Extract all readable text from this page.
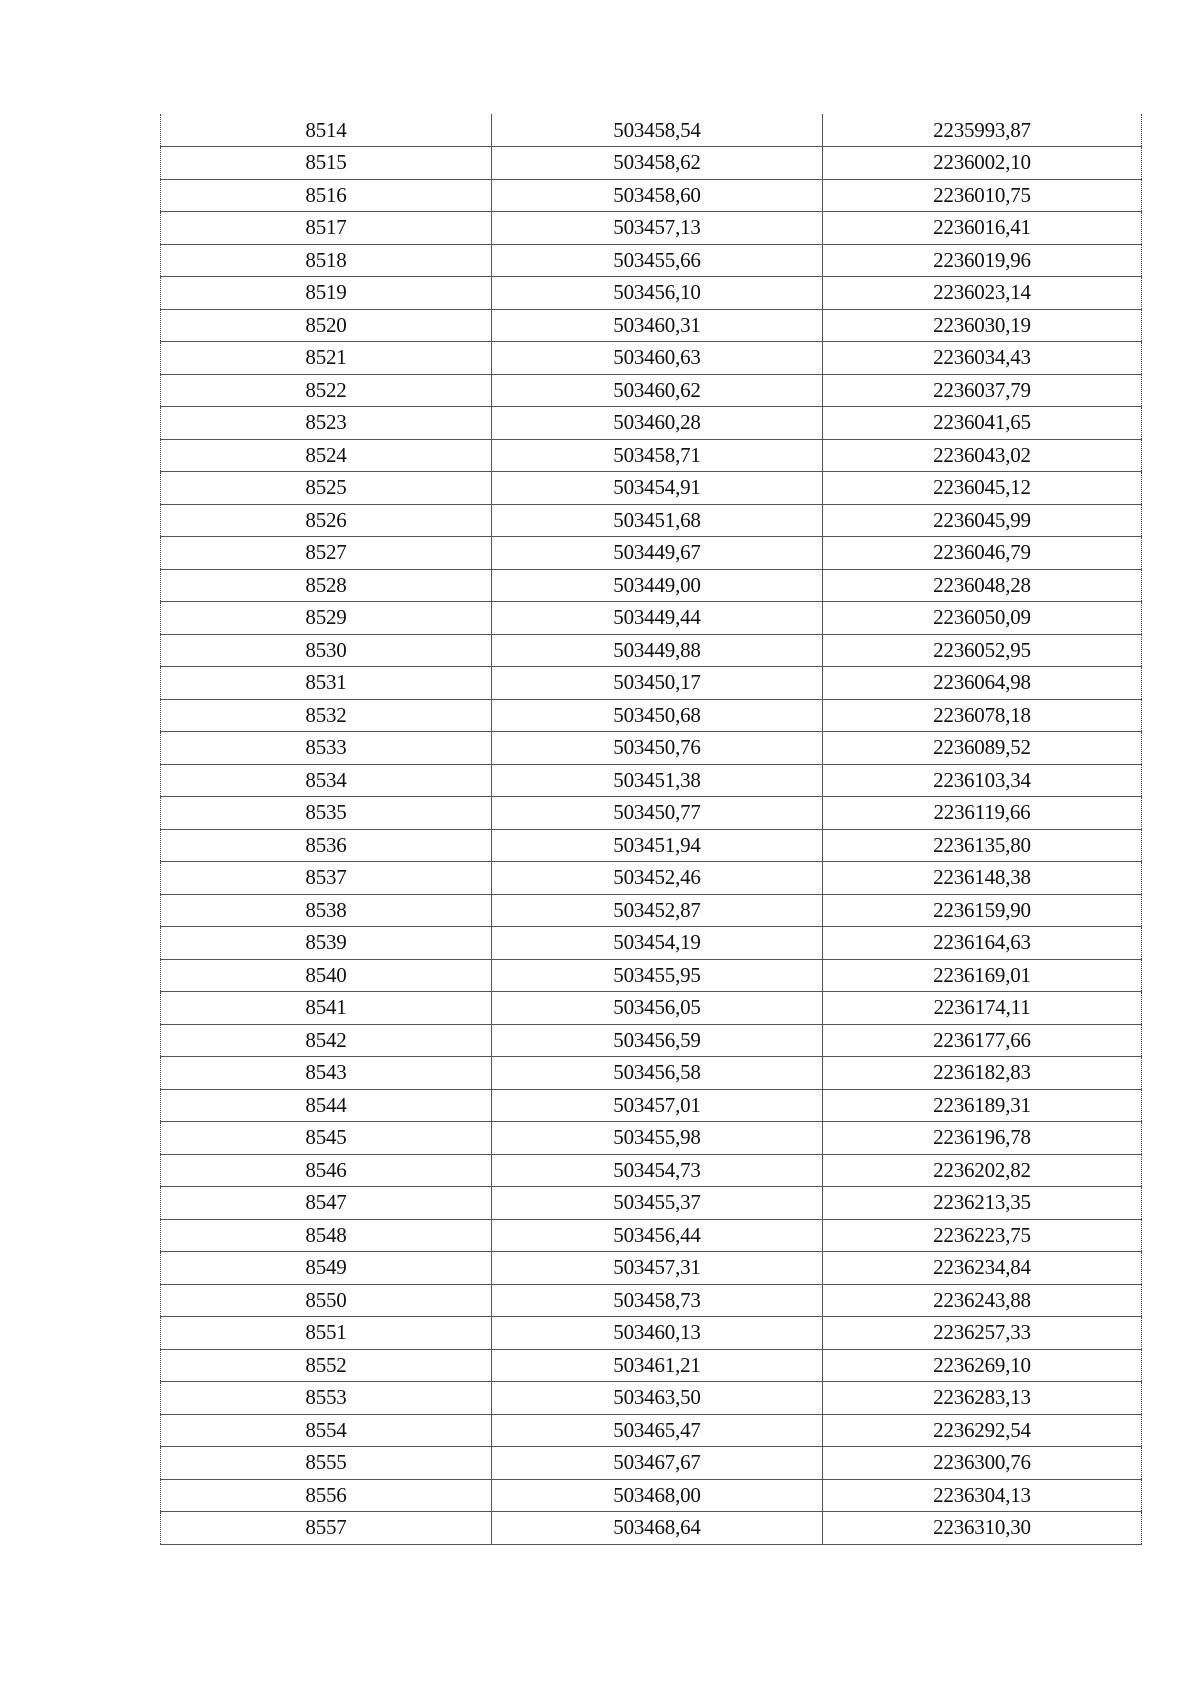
8514	503458,54	2235993,87
8515	503458,62	2236002,10
8516	503458,60	2236010,75
8517	503457,13	2236016,41
8518	503455,66	2236019,96
8519	503456,10	2236023,14
8520	503460,31	2236030,19
8521	503460,63	2236034,43
8522	503460,62	2236037,79
8523	503460,28	2236041,65
8524	503458,71	2236043,02
8525	503454,91	2236045,12
8526	503451,68	2236045,99
8527	503449,67	2236046,79
8528	503449,00	2236048,28
8529	503449,44	2236050,09
8530	503449,88	2236052,95
8531	503450,17	2236064,98
8532	503450,68	2236078,18
8533	503450,76	2236089,52
8534	503451,38	2236103,34
8535	503450,77	2236119,66
8536	503451,94	2236135,80
8537	503452,46	2236148,38
8538	503452,87	2236159,90
8539	503454,19	2236164,63
8540	503455,95	2236169,01
8541	503456,05	2236174,11
8542	503456,59	2236177,66
8543	503456,58	2236182,83
8544	503457,01	2236189,31
8545	503455,98	2236196,78
8546	503454,73	2236202,82
8547	503455,37	2236213,35
8548	503456,44	2236223,75
8549	503457,31	2236234,84
8550	503458,73	2236243,88
8551	503460,13	2236257,33
8552	503461,21	2236269,10
8553	503463,50	2236283,13
8554	503465,47	2236292,54
8555	503467,67	2236300,76
8556	503468,00	2236304,13
8557	503468,64	2236310,30
